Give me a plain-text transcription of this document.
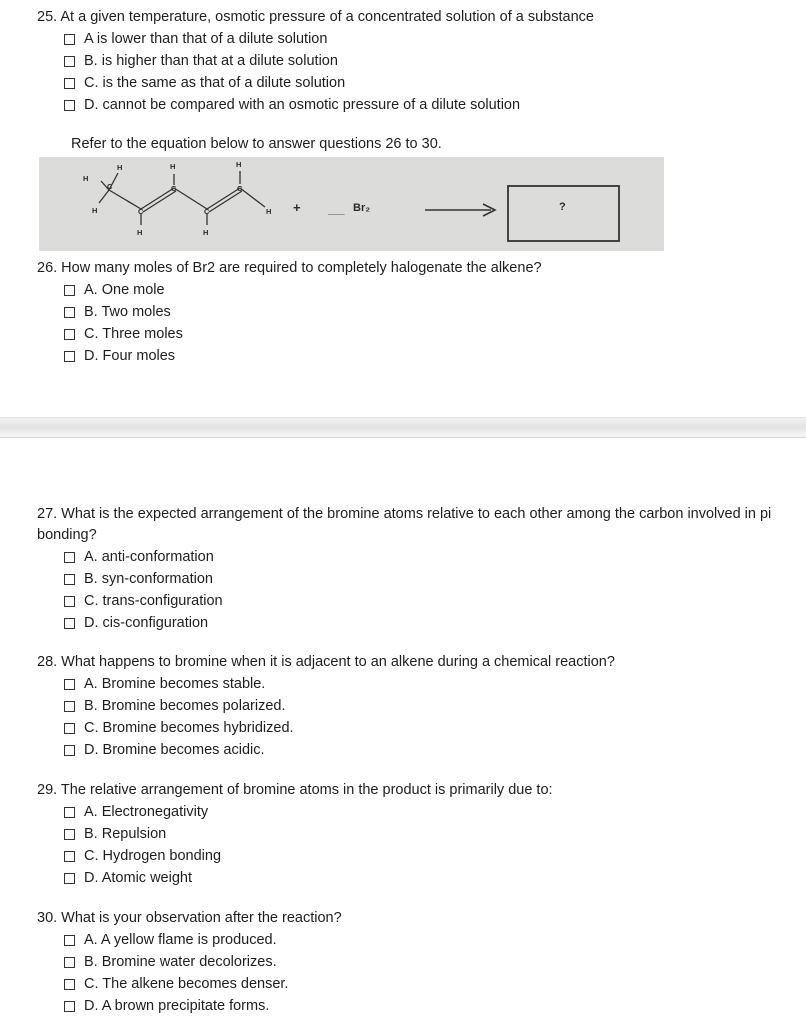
25. At a given temperature, osmotic pressure of a concentrated solution of a substance

A is lower than that of a dilute solution
B. is higher than that at a dilute solution
C. is the same as that of a dilute solution
D. cannot be compared with an osmotic pressure of a dilute solution
Refer to the equation below to answer questions 26 to 30.
H	H	H
H
H
H	H
H
C
C
C
C
C
+	___ Br₂	?

26. How many moles of Br2 are required to completely halogenate the alkene?

A. One mole
B. Two moles
C. Three moles
D. Four moles

27. What is the expected arrangement of the bromine atoms relative to each other among the carbon involved in pi bonding?

A. anti-conformation
B. syn-conformation
C. trans-configuration
D. cis-configuration

28. What happens to bromine when it is adjacent to an alkene during a chemical reaction?

A. Bromine becomes stable.
B. Bromine becomes polarized.
C. Bromine becomes hybridized.
D. Bromine becomes acidic.

29. The relative arrangement of bromine atoms in the product is primarily due to:

A. Electronegativity
B. Repulsion
C. Hydrogen bonding
D. Atomic weight

30. What is your observation after the reaction?

A. A yellow flame is produced.
B. Bromine water decolorizes.
C. The alkene becomes denser.
D. A brown precipitate forms.
